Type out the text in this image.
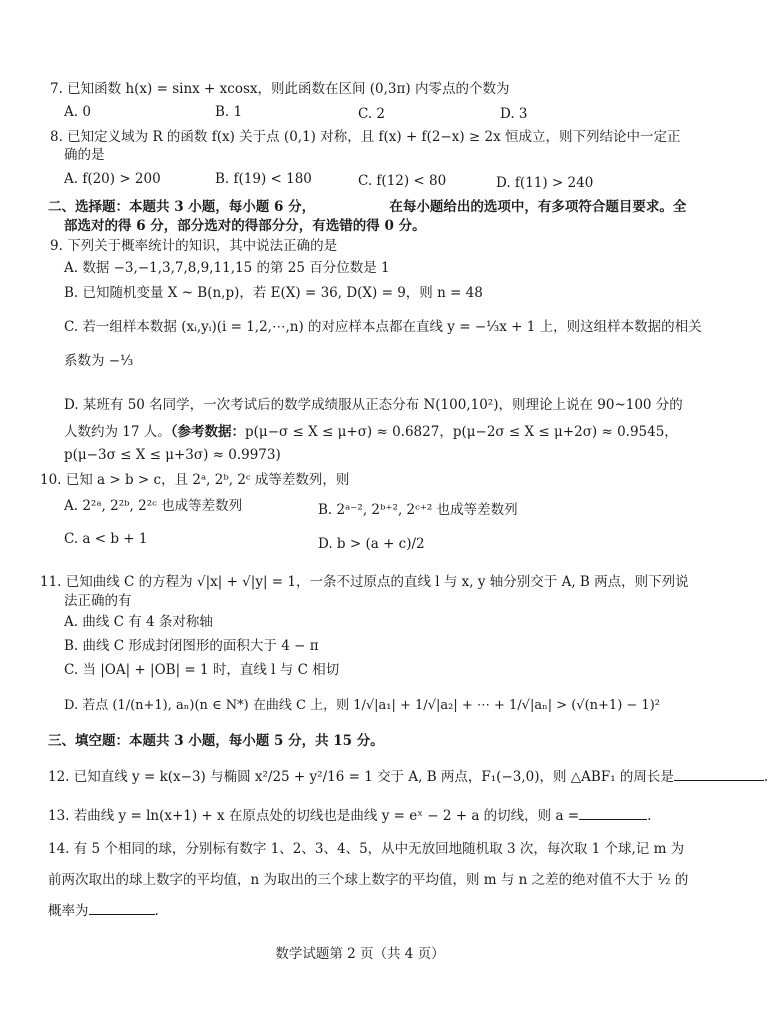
7. 已知函数 h(x) = sinx + xcosx，则此函数在区间 (0,3π) 内零点的个数为
A. 0	B. 1	C. 2	D. 3
8. 已知定义域为 R 的函数 f(x) 关于点 (0,1) 对称，且 f(x) + f(2−x) ≥ 2x 恒成立，则下列结论中一定正
确的是
A. f(20) > 200	B. f(19) < 180	C. f(12) < 80	D. f(11) > 240
二、选择题：本题共 3 小题，每小题 6 分，　　　　　　在每小题给出的选项中，有多项符合题目要求。全
部选对的得 6 分，部分选对的得部分分，有选错的得 0 分。
9. 下列关于概率统计的知识，其中说法正确的是
A. 数据 −3,−1,3,7,8,9,11,15 的第 25 百分位数是 1
B. 已知随机变量 X ~ B(n,p)，若 E(X) = 36, D(X) = 9，则 n = 48
C. 若一组样本数据 (xᵢ,yᵢ)(i = 1,2,⋯,n) 的对应样本点都在直线 y = −⅓x + 1 上，则这组样本数据的相关
系数为 −⅓
D. 某班有 50 名同学，一次考试后的数学成绩服从正态分布 N(100,10²)，则理论上说在 90~100 分的
人数约为 17 人。（参考数据：p(μ−σ ≤ X ≤ μ+σ) ≈ 0.6827，p(μ−2σ ≤ X ≤ μ+2σ) ≈ 0.9545，
p(μ−3σ ≤ X ≤ μ+3σ) ≈ 0.9973)
10. 已知 a > b > c，且 2ᵃ, 2ᵇ, 2ᶜ 成等差数列，则
A. 2²ᵃ, 2²ᵇ, 2²ᶜ 也成等差数列	B. 2ᵃ⁻², 2ᵇ⁺², 2ᶜ⁺² 也成等差数列
C. a < b + 1	D. b > (a + c)/2
11. 已知曲线 C 的方程为 √|x| + √|y| = 1，一条不过原点的直线 l 与 x, y 轴分别交于 A, B 两点，则下列说
法正确的有
A. 曲线 C 有 4 条对称轴
B. 曲线 C 形成封闭图形的面积大于 4 − π
C. 当 |OA| + |OB| = 1 时，直线 l 与 C 相切
D. 若点 (1/(n+1), aₙ)(n ∈ N*) 在曲线 C 上，则 1/√|a₁| + 1/√|a₂| + ⋯ + 1/√|aₙ| > (√(n+1) − 1)²
三、填空题：本题共 3 小题，每小题 5 分，共 15 分。
12. 已知直线 y = k(x−3) 与椭圆 x²/25 + y²/16 = 1 交于 A, B 两点，F₁(−3,0)，则 △ABF₁ 的周长是	.
13. 若曲线 y = ln(x+1) + x 在原点处的切线也是曲线 y = eˣ − 2 + a 的切线，则 a =	.
14. 有 5 个相同的球，分别标有数字 1、2、3、4、5，从中无放回地随机取 3 次，每次取 1 个球,记 m 为
前两次取出的球上数字的平均值，n 为取出的三个球上数字的平均值，则 m 与 n 之差的绝对值不大于 ½ 的
概率为	.
数学试题第 2 页（共 4 页）
